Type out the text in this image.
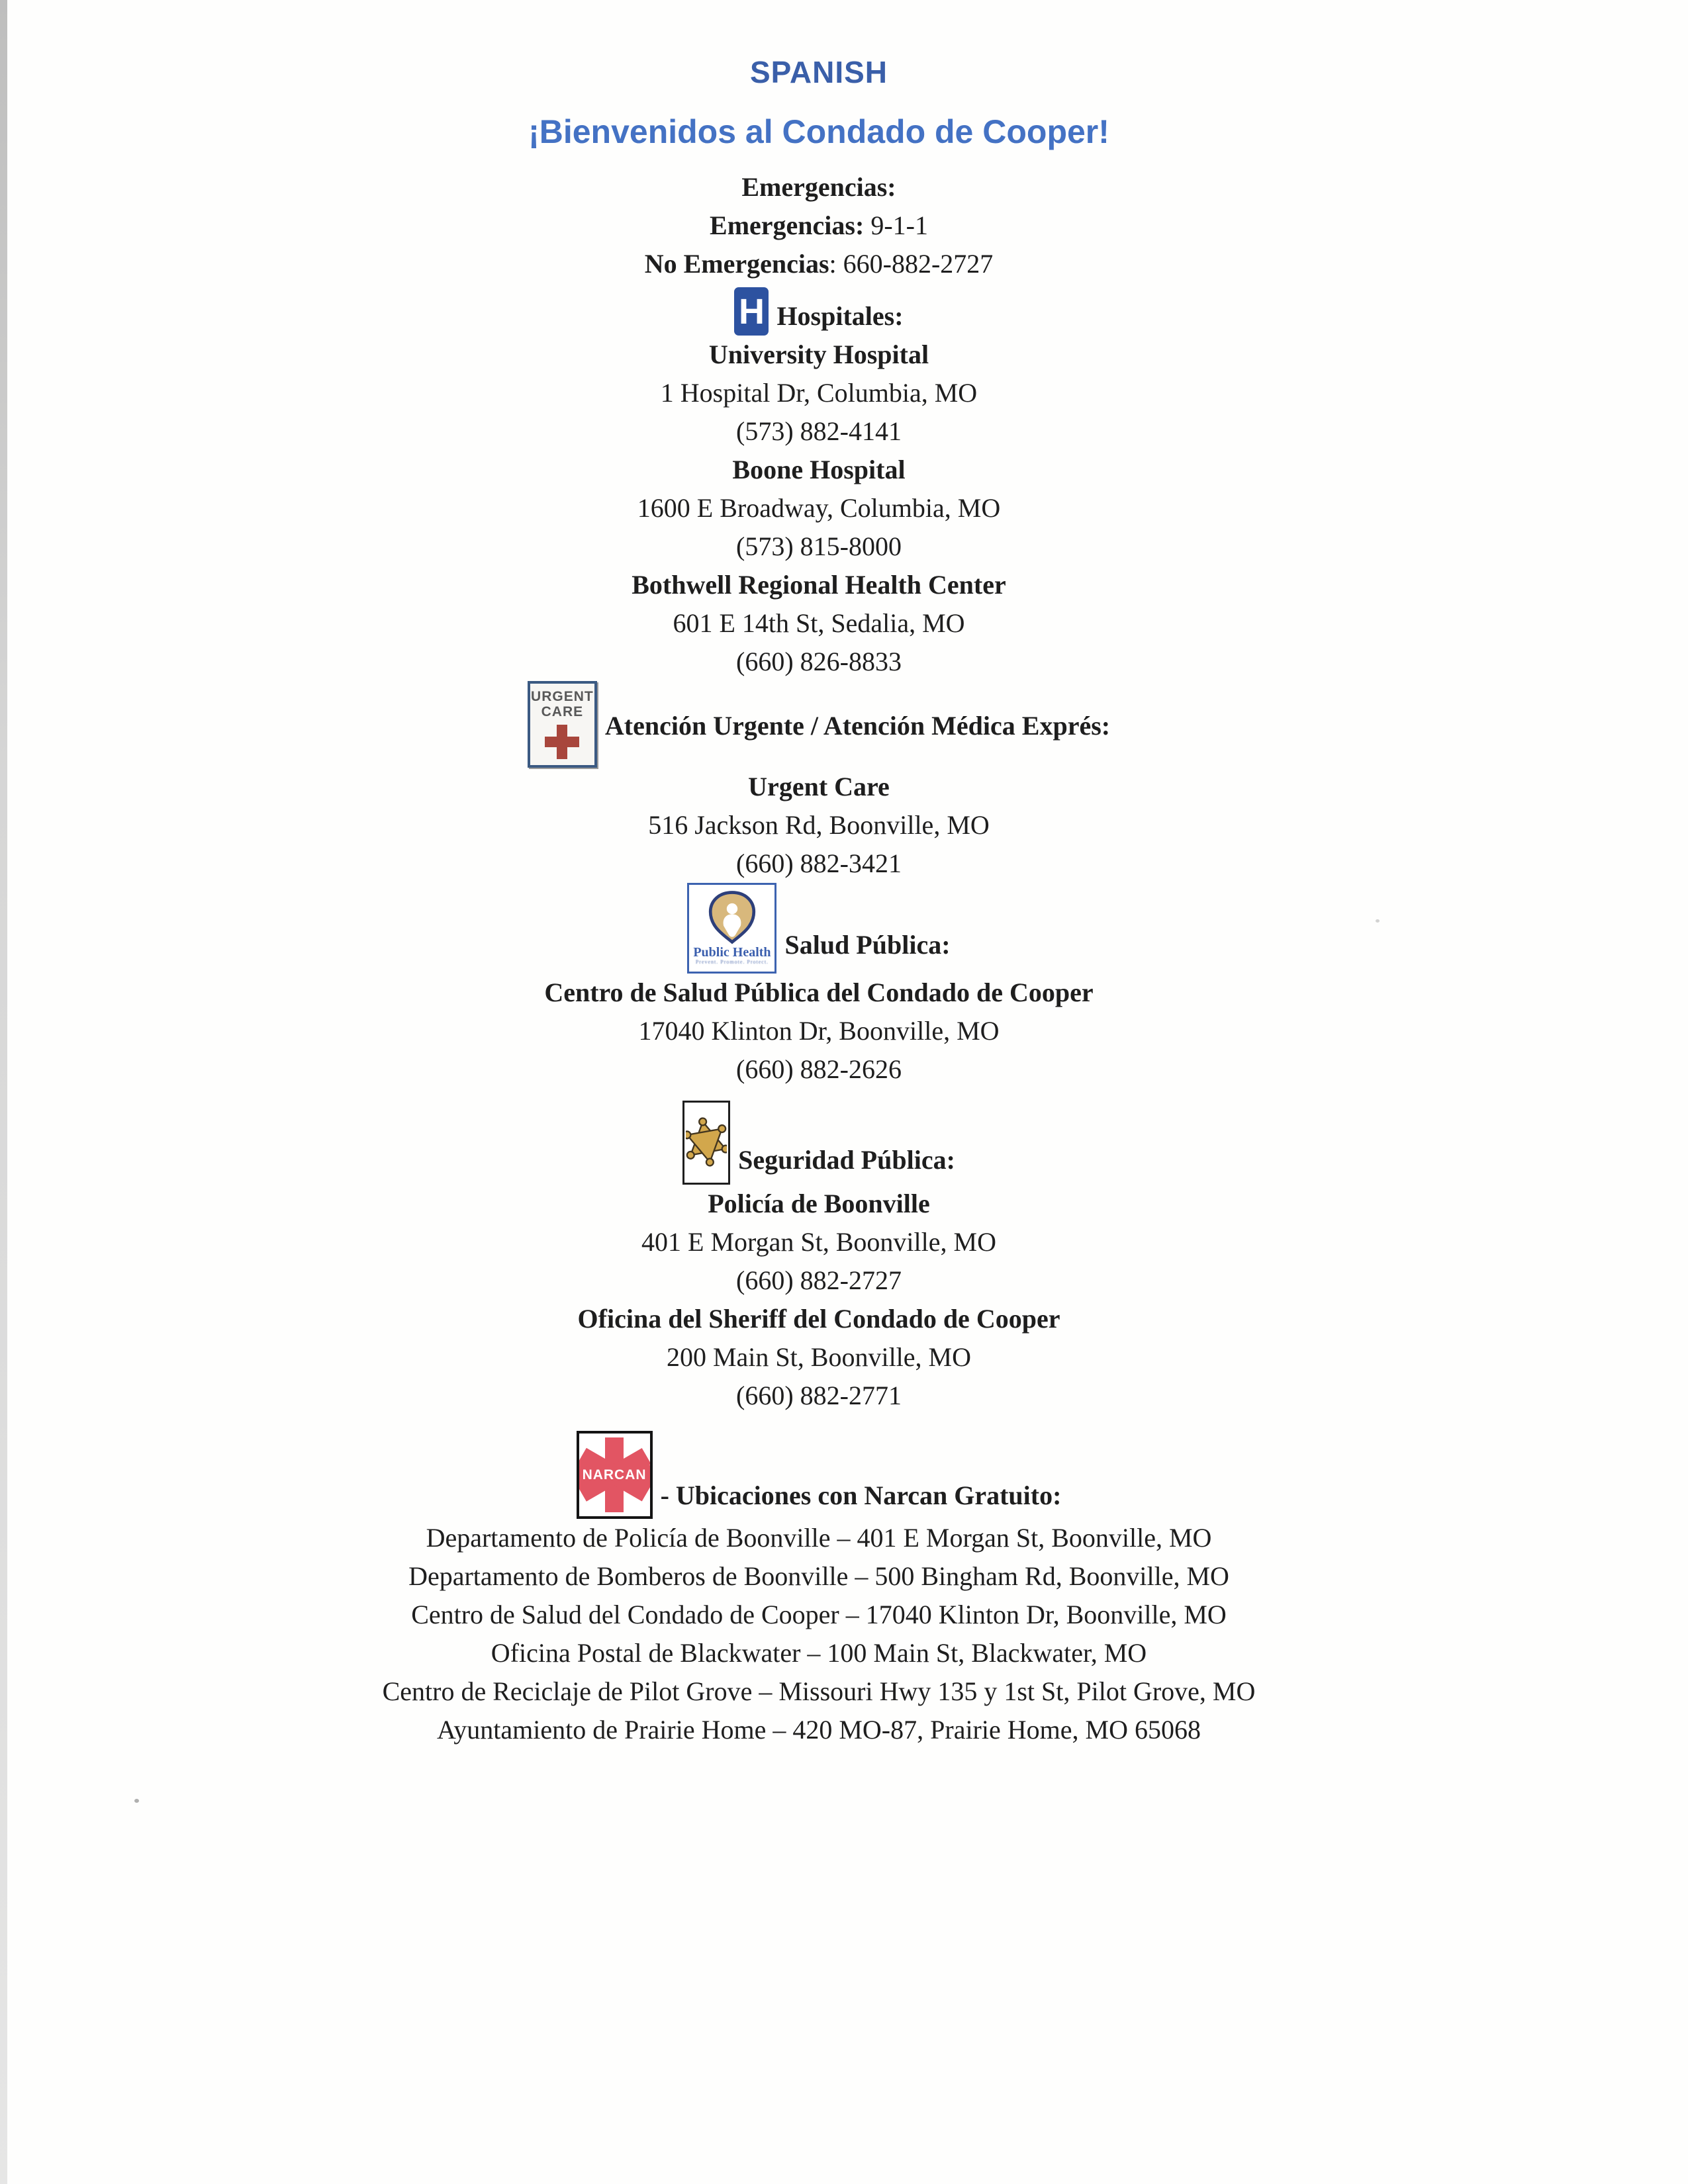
SPANISH
¡Bienvenidos al Condado de Cooper!
Emergencias:
Emergencias: 9-1-1
No Emergencias: 660-882-2727
H Hospitales:
University Hospital
1 Hospital Dr, Columbia, MO
(573) 882-4141
Boone Hospital
1600 E Broadway, Columbia, MO
(573) 815-8000
Bothwell Regional Health Center
601 E 14th St, Sedalia, MO
(660) 826-8833
URGENT
CARE Atención Urgente / Atención Médica Exprés:
Urgent Care
516 Jackson Rd, Boonville, MO
(660) 882-3421
Public Health
Prevent. Promote. Protect.
Salud Pública:
Centro de Salud Pública del Condado de Cooper
17040 Klinton Dr, Boonville, MO
(660) 882-2626
Seguridad Pública:
Policía de Boonville
401 E Morgan St, Boonville, MO
(660) 882-2727
Oficina del Sheriff del Condado de Cooper
200 Main St, Boonville, MO
(660) 882-2771
NARCAN
- Ubicaciones con Narcan Gratuito:
Departamento de Policía de Boonville – 401 E Morgan St, Boonville, MO
Departamento de Bomberos de Boonville – 500 Bingham Rd, Boonville, MO
Centro de Salud del Condado de Cooper – 17040 Klinton Dr, Boonville, MO
Oficina Postal de Blackwater – 100 Main St, Blackwater, MO
Centro de Reciclaje de Pilot Grove – Missouri Hwy 135 y 1st St, Pilot Grove, MO
Ayuntamiento de Prairie Home – 420 MO-87, Prairie Home, MO 65068
